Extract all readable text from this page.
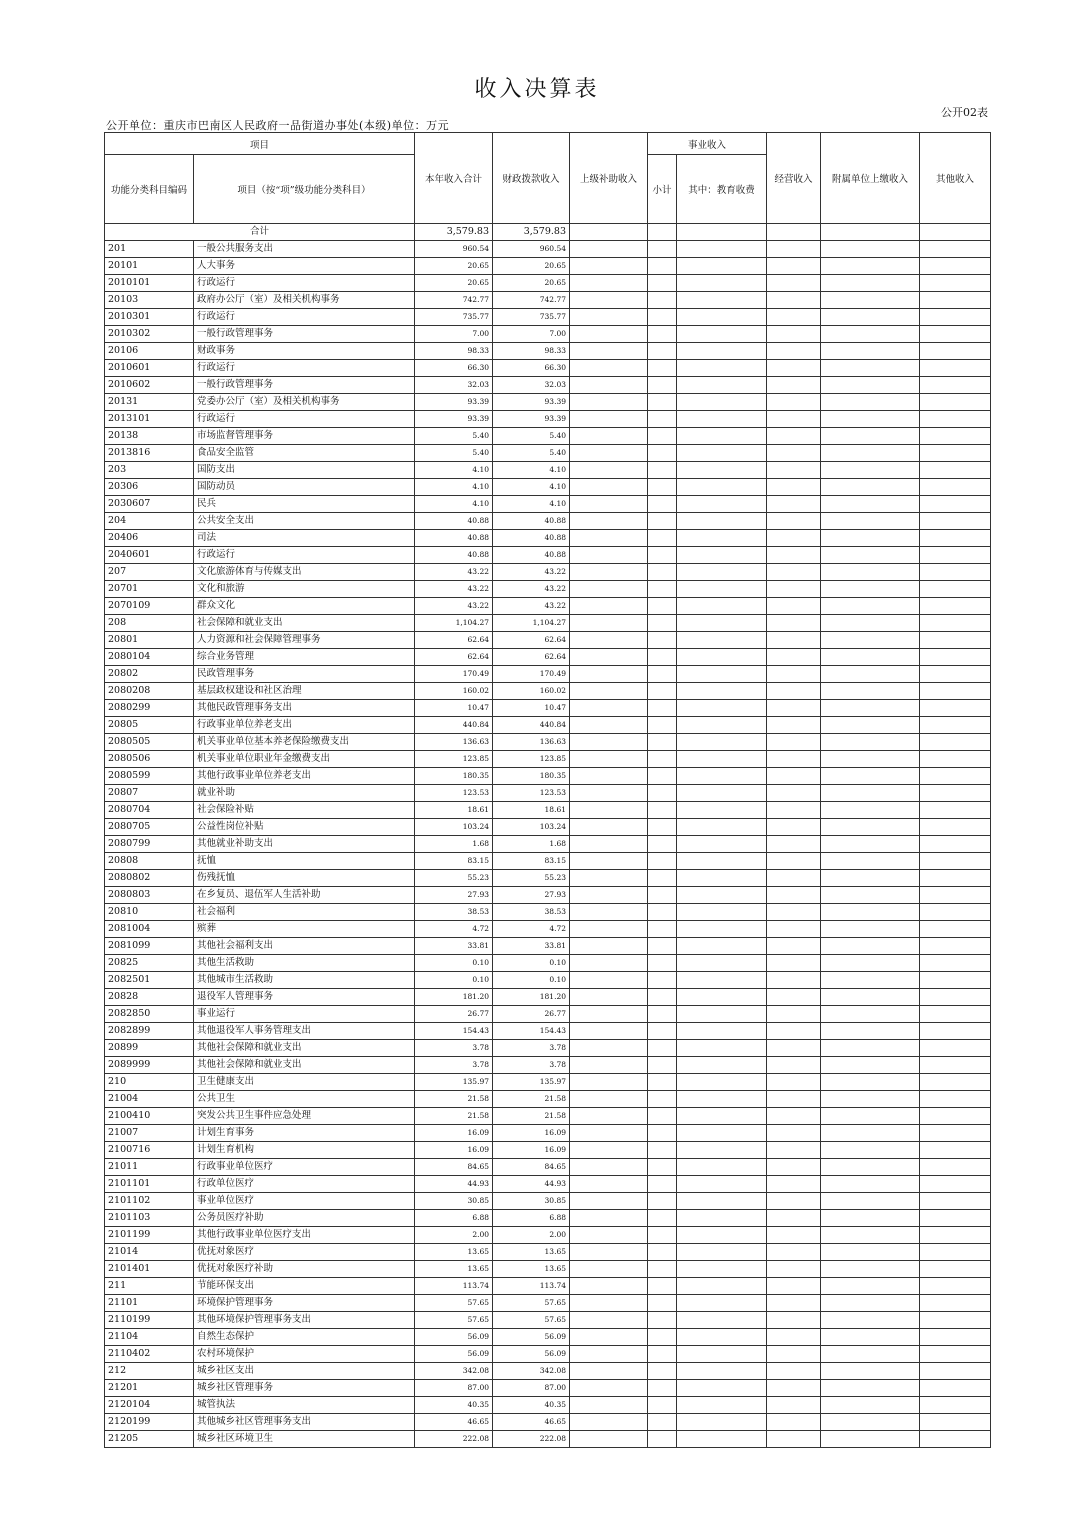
收入决算表
公开02表
公开单位：重庆市巴南区人民政府一品街道办事处(本级)单位：万元
项目		本年收入合计	财政拨款收入	上级补助收入	事业收入		经营收入	附属单位上缴收入	其他收入
功能分类科目编码	项目（按“项”级功能分类科目）				小计	其中：教育收费			
合计		3,579.83	3,579.83						
201	一般公共服务支出	960.54	960.54						
20101	人大事务	20.65	20.65						
2010101	行政运行	20.65	20.65						
20103	政府办公厅（室）及相关机构事务	742.77	742.77						
2010301	行政运行	735.77	735.77						
2010302	一般行政管理事务	7.00	7.00						
20106	财政事务	98.33	98.33						
2010601	行政运行	66.30	66.30						
2010602	一般行政管理事务	32.03	32.03						
20131	党委办公厅（室）及相关机构事务	93.39	93.39						
2013101	行政运行	93.39	93.39						
20138	市场监督管理事务	5.40	5.40						
2013816	食品安全监管	5.40	5.40						
203	国防支出	4.10	4.10						
20306	国防动员	4.10	4.10						
2030607	民兵	4.10	4.10						
204	公共安全支出	40.88	40.88						
20406	司法	40.88	40.88						
2040601	行政运行	40.88	40.88						
207	文化旅游体育与传媒支出	43.22	43.22						
20701	文化和旅游	43.22	43.22						
2070109	群众文化	43.22	43.22						
208	社会保障和就业支出	1,104.27	1,104.27						
20801	人力资源和社会保障管理事务	62.64	62.64						
2080104	综合业务管理	62.64	62.64						
20802	民政管理事务	170.49	170.49						
2080208	基层政权建设和社区治理	160.02	160.02						
2080299	其他民政管理事务支出	10.47	10.47						
20805	行政事业单位养老支出	440.84	440.84						
2080505	机关事业单位基本养老保险缴费支出	136.63	136.63						
2080506	机关事业单位职业年金缴费支出	123.85	123.85						
2080599	其他行政事业单位养老支出	180.35	180.35						
20807	就业补助	123.53	123.53						
2080704	社会保险补贴	18.61	18.61						
2080705	公益性岗位补贴	103.24	103.24						
2080799	其他就业补助支出	1.68	1.68						
20808	抚恤	83.15	83.15						
2080802	伤残抚恤	55.23	55.23						
2080803	在乡复员、退伍军人生活补助	27.93	27.93						
20810	社会福利	38.53	38.53						
2081004	殡葬	4.72	4.72						
2081099	其他社会福利支出	33.81	33.81						
20825	其他生活救助	0.10	0.10						
2082501	其他城市生活救助	0.10	0.10						
20828	退役军人管理事务	181.20	181.20						
2082850	事业运行	26.77	26.77						
2082899	其他退役军人事务管理支出	154.43	154.43						
20899	其他社会保障和就业支出	3.78	3.78						
2089999	其他社会保障和就业支出	3.78	3.78						
210	卫生健康支出	135.97	135.97						
21004	公共卫生	21.58	21.58						
2100410	突发公共卫生事件应急处理	21.58	21.58						
21007	计划生育事务	16.09	16.09						
2100716	计划生育机构	16.09	16.09						
21011	行政事业单位医疗	84.65	84.65						
2101101	行政单位医疗	44.93	44.93						
2101102	事业单位医疗	30.85	30.85						
2101103	公务员医疗补助	6.88	6.88						
2101199	其他行政事业单位医疗支出	2.00	2.00						
21014	优抚对象医疗	13.65	13.65						
2101401	优抚对象医疗补助	13.65	13.65						
211	节能环保支出	113.74	113.74						
21101	环境保护管理事务	57.65	57.65						
2110199	其他环境保护管理事务支出	57.65	57.65						
21104	自然生态保护	56.09	56.09						
2110402	农村环境保护	56.09	56.09						
212	城乡社区支出	342.08	342.08						
21201	城乡社区管理事务	87.00	87.00						
2120104	城管执法	40.35	40.35						
2120199	其他城乡社区管理事务支出	46.65	46.65						
21205	城乡社区环境卫生	222.08	222.08						
